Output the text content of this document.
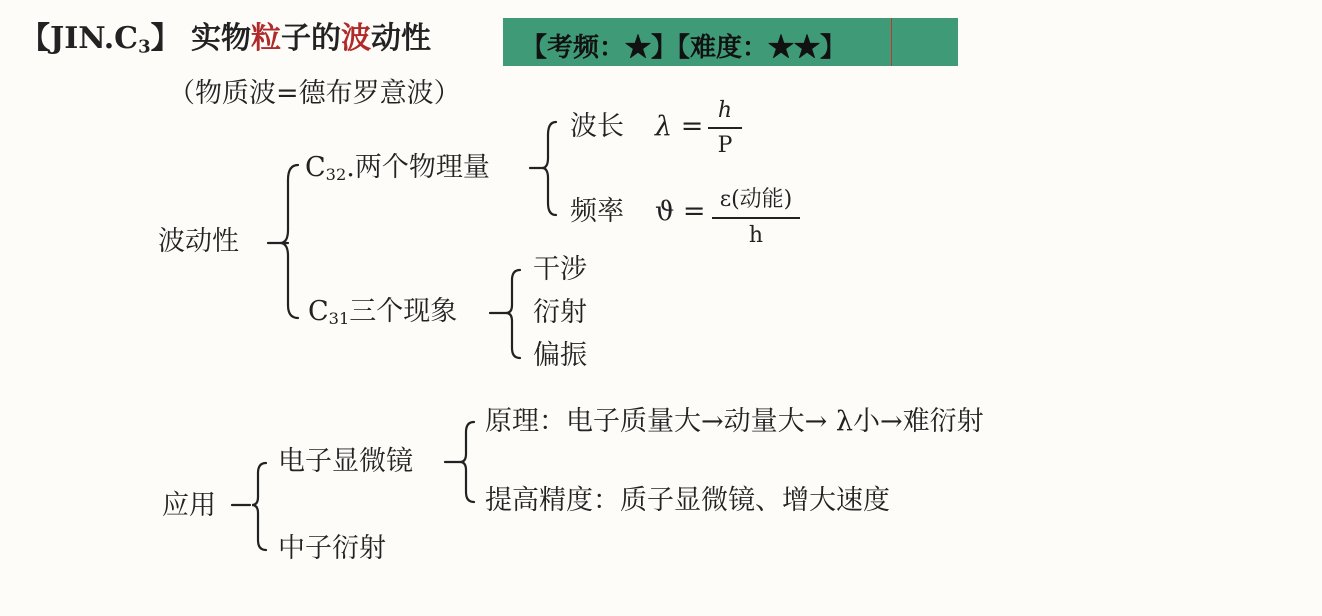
【$JIN.C_3$】 实物粒子的波动性	【考频：★】【难度：★★】
（物质波=德布罗意波）
波动性
$C_{32}$.两个物理量
波长 λ =
h
P
频率 ϑ = ε(动能)
h
$C_{31}$三个现象
干涉
衍射
偏振
应用
电子显微镜
原理：电子质量大→动量大→ λ小→难衍射
提高精度：质子显微镜、增大速度
中子衍射
